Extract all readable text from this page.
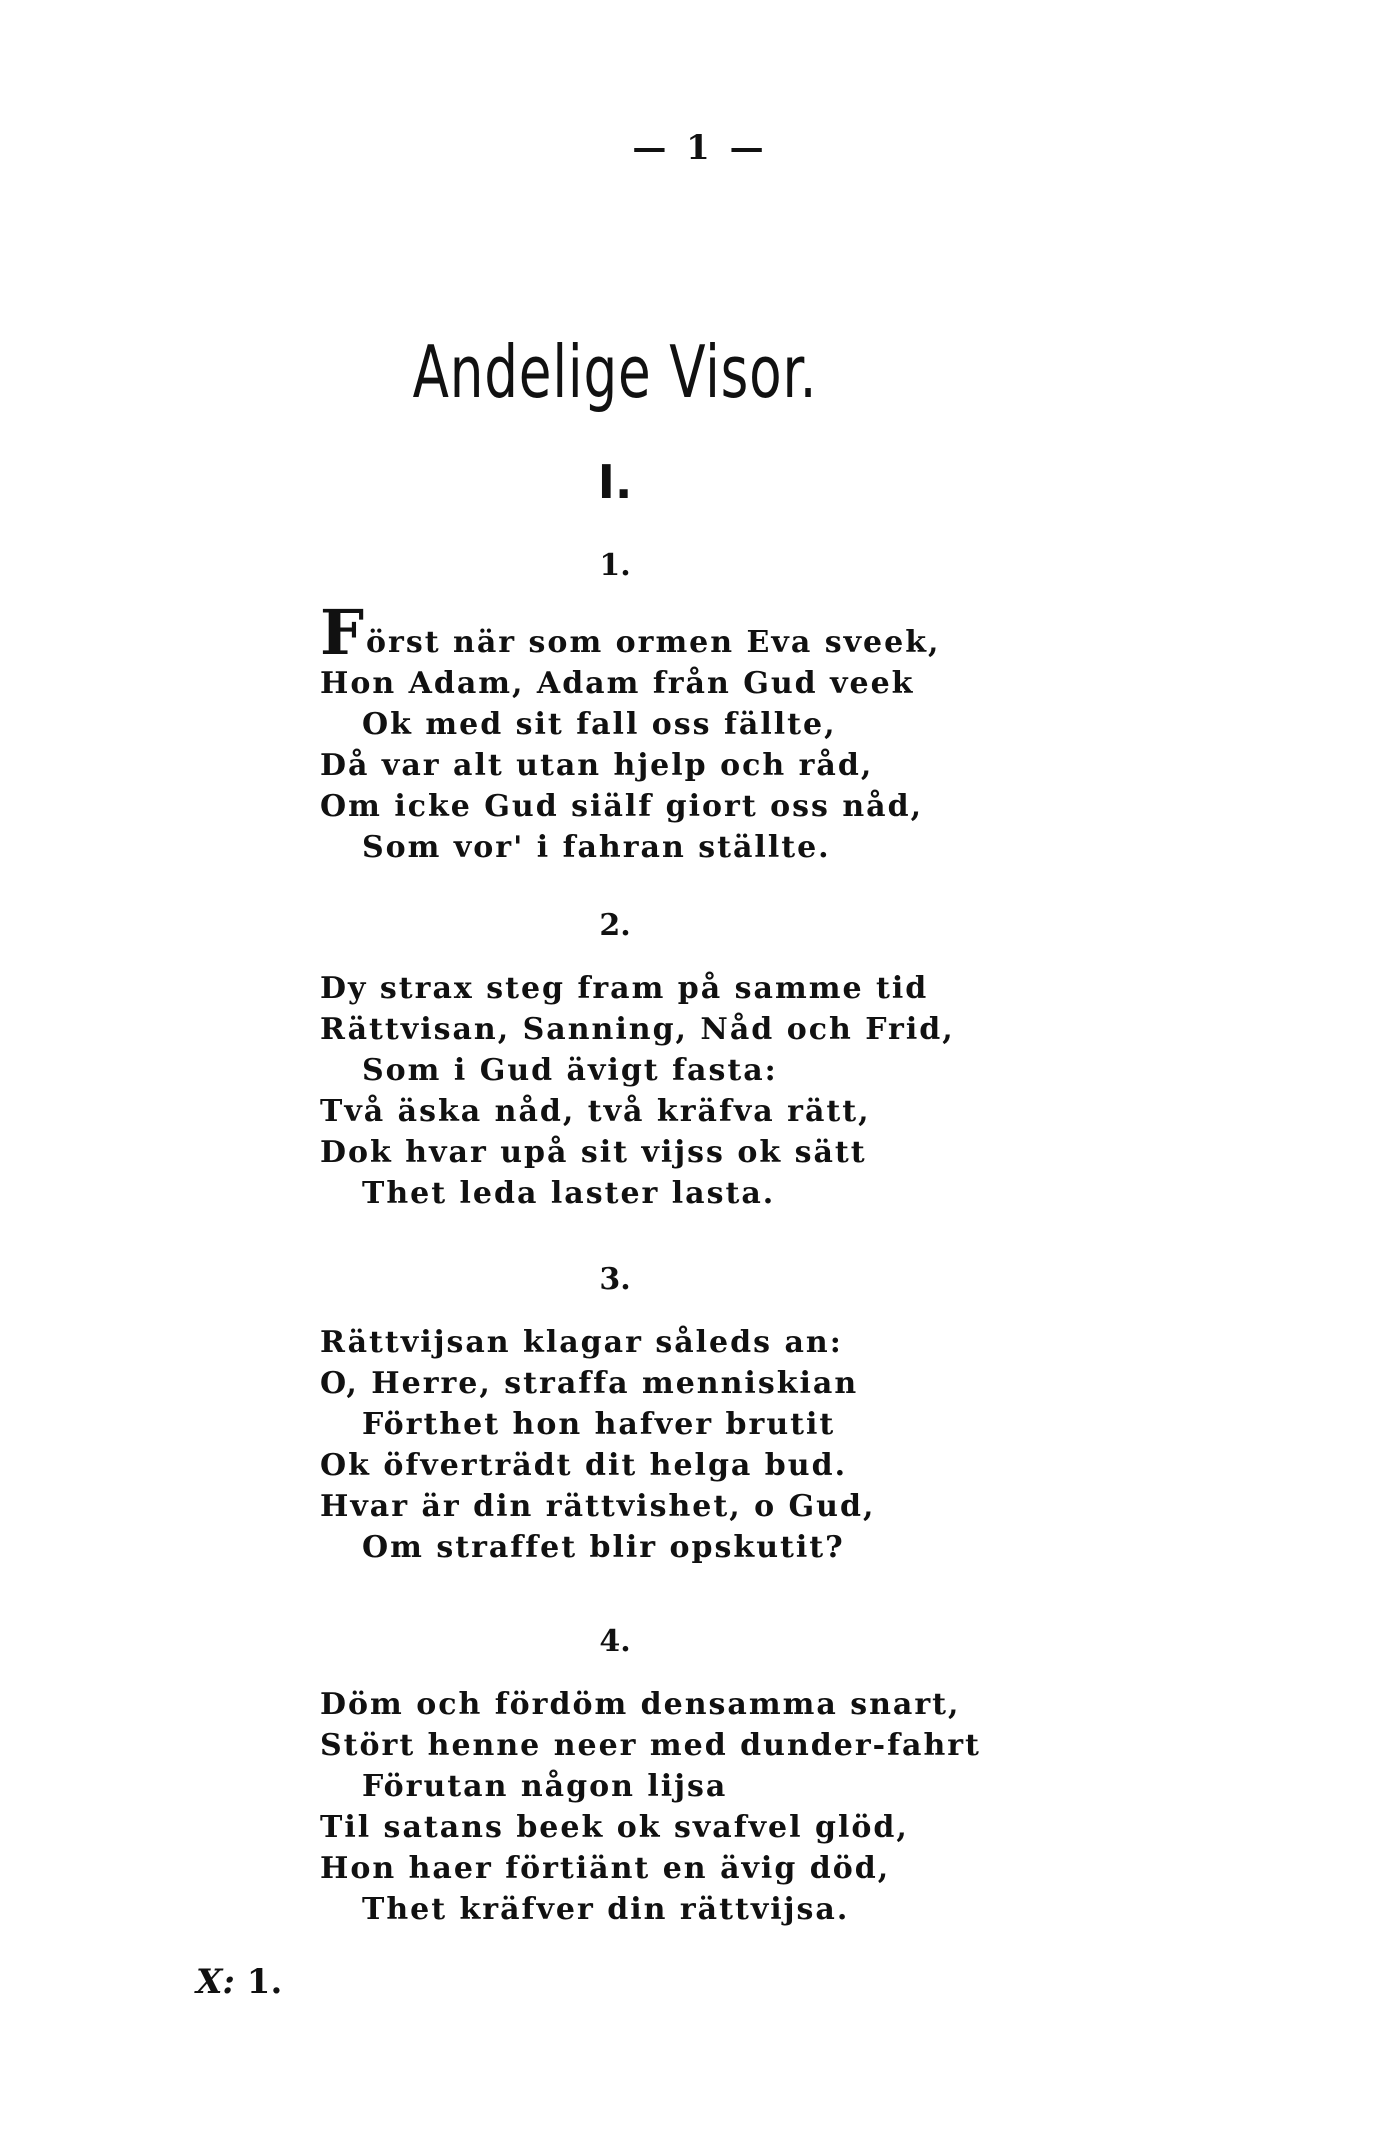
— 1 —
Andelige Visor.
I.
1.
Först när som ormen Eva sveek,
Hon Adam, Adam från Gud veek
Ok med sit fall oss fällte,
Då var alt utan hjelp och råd,
Om icke Gud siälf giort oss nåd,
Som vor' i fahran ställte.
2.
Dy strax steg fram på samme tid
Rättvisan, Sanning, Nåd och Frid,
Som i Gud ävigt fasta:
Två äska nåd, två kräfva rätt,
Dok hvar upå sit vijss ok sätt
Thet leda laster lasta.
3.
Rättvijsan klagar såleds an:
O, Herre, straffa menniskian
Förthet hon hafver brutit
Ok öfverträdt dit helga bud.
Hvar är din rättvishet, o Gud,
Om straffet blir opskutit?
4.
Döm och fördöm densamma snart,
Stört henne neer med dunder-fahrt
Förutan någon lijsa
Til satans beek ok svafvel glöd,
Hon haer förtiänt en ävig död,
Thet kräfver din rättvijsa.
X: 1.
